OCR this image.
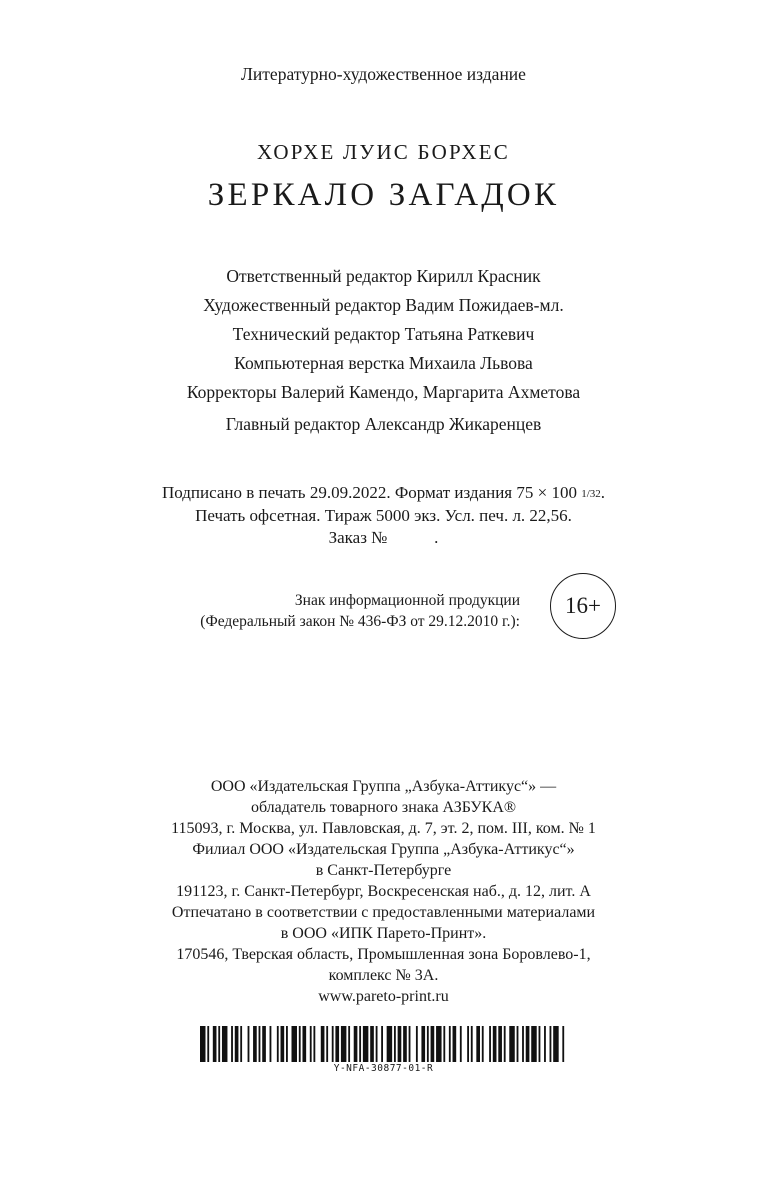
Литературно-художественное издание
ХОРХЕ ЛУИС БОРХЕС
ЗЕРКАЛО ЗАГАДОК
Ответственный редактор Кирилл Красник
Художественный редактор Вадим Пожидаев-мл.
Технический редактор Татьяна Раткевич
Компьютерная верстка Михаила Львова
Корректоры Валерий Камендо, Маргарита Ахметова
Главный редактор Александр Жикаренцев
Подписано в печать 29.09.2022. Формат издания 75 × 100 1/32.
Печать офсетная. Тираж 5000 экз. Усл. печ. л. 22,56.
Заказ №           .
Знак информационной продукции
(Федеральный закон № 436-ФЗ от 29.12.2010 г.):
16+
ООО «Издательская Группа „Азбука-Аттикус“» —
обладатель товарного знака АЗБУКА®
115093, г. Москва, ул. Павловская, д. 7, эт. 2, пом. III, ком. № 1
Филиал ООО «Издательская Группа „Азбука-Аттикус“»
в Санкт-Петербурге
191123, г. Санкт-Петербург, Воскресенская наб., д. 12, лит. А
Отпечатано в соответствии с предоставленными материалами
в ООО «ИПК Парето-Принт».
170546, Тверская область, Промышленная зона Боровлево-1,
комплекс № 3А.
www.pareto-print.ru
Y-NFA-30877-01-R
